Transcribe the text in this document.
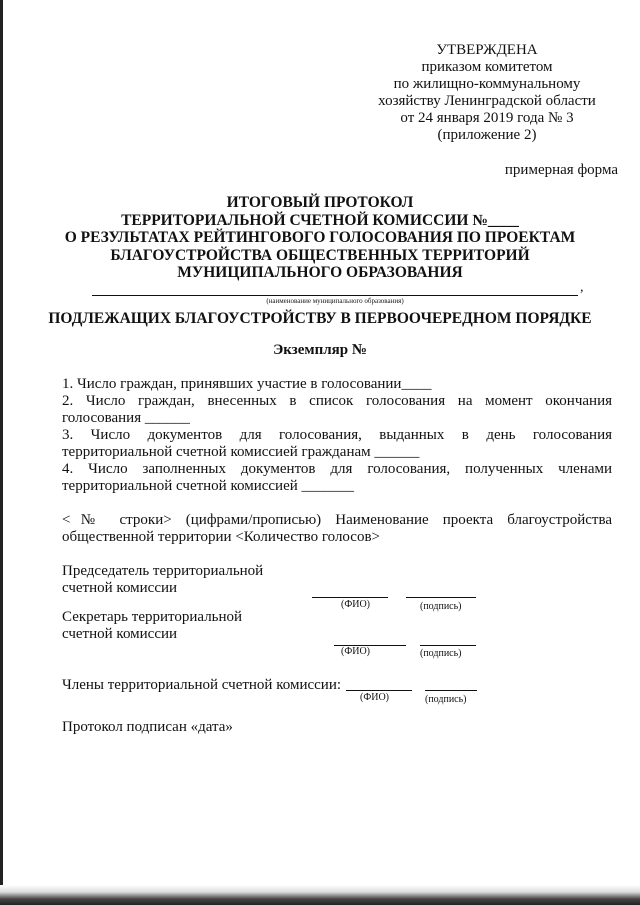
УТВЕРЖДЕНА
приказом комитетом
по жилищно-коммунальному
хозяйству Ленинградской области
от 24 января 2019 года № 3
(приложение 2)
примерная форма
ИТОГОВЫЙ ПРОТОКОЛ
ТЕРРИТОРИАЛЬНОЙ СЧЕТНОЙ КОМИССИИ №____
О РЕЗУЛЬТАТАХ РЕЙТИНГОВОГО ГОЛОСОВАНИЯ ПО ПРОЕКТАМ
БЛАГОУСТРОЙСТВА ОБЩЕСТВЕННЫХ ТЕРРИТОРИЙ
МУНИЦИПАЛЬНОГО ОБРАЗОВАНИЯ
,
(наименование муниципального образования)
ПОДЛЕЖАЩИХ БЛАГОУСТРОЙСТВУ В ПЕРВООЧЕРЕДНОМ ПОРЯДКЕ
Экземпляр №

1. Число граждан, принявших участие в голосовании____

2. Число граждан, внесенных в список голосования на момент окончания голосования ______

3. Число документов для голосования, выданных в день голосования территориальной счетной комиссией гражданам ______

4. Число заполненных документов для голосования, полученных членами территориальной счетной комиссией _______

<№ строки> (цифрами/прописью) Наименование проекта благоустройства общественной территории <Количество голосов>
Председатель территориальной
счетной комиссии
(ФИО)	(подпись)
Секретарь территориальной
счетной комиссии
(ФИО)	(подпись)
Члены территориальной счетной комиссии:
(ФИО)	(подпись)
Протокол подписан «дата»
